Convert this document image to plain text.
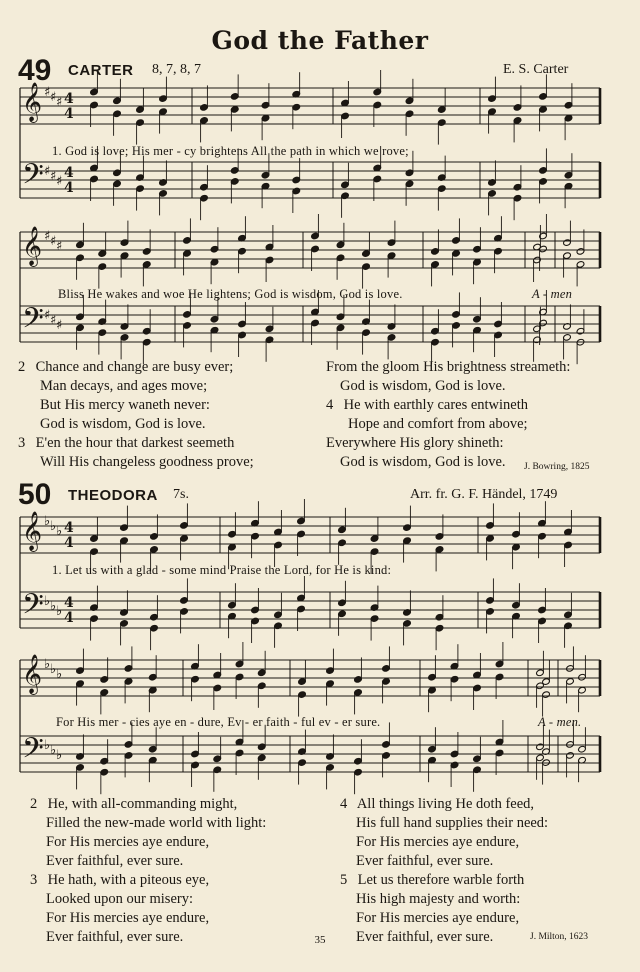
God the Father
49 CARTER 8, 7, 8, 7	E. S. Carter
𝄞
𝄢
♯ ♯ ♯
♯ ♯ ♯
4
4
4
4
𝄞
𝄢
♯ ♯ ♯
♯ ♯ ♯
𝄞
𝄢
♭ ♭ ♭
♭ ♭ ♭
4
4
4
4
𝄞
𝄢
♭ ♭ ♭
♭ ♭ ♭
1. God is love; His mer - cy brightens All the path in which we rove;
Bliss He wakes and woe He lightens; God is wisdom, God is love.	A - men
2 Chance and change are busy ever;
Man decays, and ages move;
But His mercy waneth never:
God is wisdom, God is love.
3 E'en the hour that darkest seemeth
Will His changeless goodness prove;
From the gloom His brightness streameth:
God is wisdom, God is love.
4 He with earthly cares entwineth
Hope and comfort from above;
Everywhere His glory shineth:
God is wisdom, God is love.	J. Bowring, 1825
50 THEODORA 7s.	Arr. fr. G. F. Händel, 1749
1. Let us with a glad - some mind Praise the Lord, for He is kind:
For His mer - cies aye en - dure, Ev - er faith - ful ev - er sure.	A - men.
2 He, with all-commanding might,
Filled the new-made world with light:
For His mercies aye endure,
Ever faithful, ever sure.
3 He hath, with a piteous eye,
Looked upon our misery:
For His mercies aye endure,
Ever faithful, ever sure.
4 All things living He doth feed,
His full hand supplies their need:
For His mercies aye endure,
Ever faithful, ever sure.
5 Let us therefore warble forth
His high majesty and worth:
For His mercies aye endure,
Ever faithful, ever sure.	J. Milton, 1623
35
